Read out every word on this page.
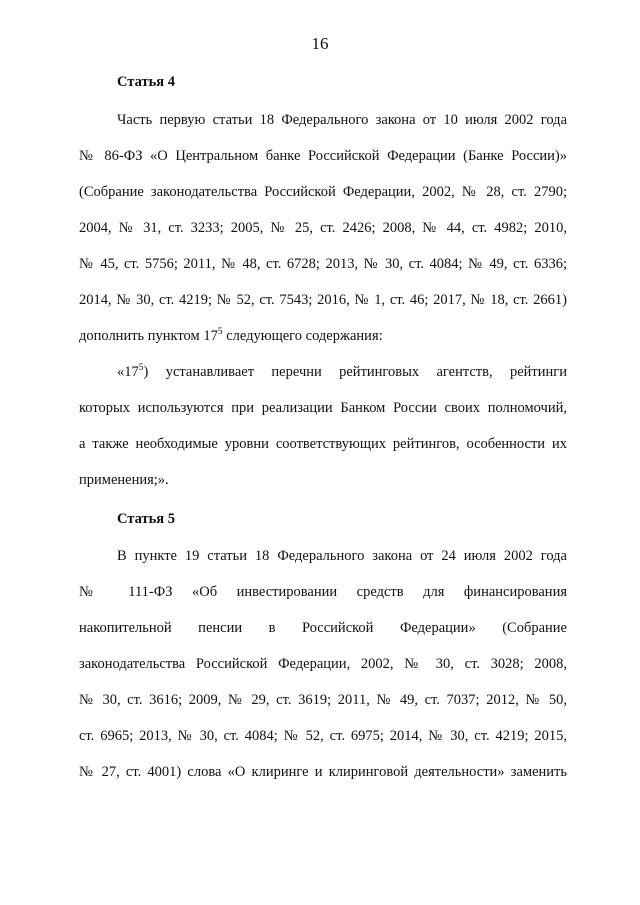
16
Статья 4
Часть первую статьи 18 Федерального закона от 10 июля 2002 года
№ 86-ФЗ «О Центральном банке Российской Федерации (Банке России)»
(Собрание законодательства Российской Федерации, 2002, № 28, ст. 2790;
2004, № 31, ст. 3233; 2005, № 25, ст. 2426; 2008, № 44, ст. 4982; 2010,
№ 45, ст. 5756; 2011, № 48, ст. 6728; 2013, № 30, ст. 4084; № 49, ст. 6336;
2014, № 30, ст. 4219; № 52, ст. 7543; 2016, № 1, ст. 46; 2017, № 18, ст. 2661)
дополнить пунктом $17^5$ следующего содержания:
«$17^5$) устанавливает перечни рейтинговых агентств, рейтинги
которых используются при реализации Банком России своих полномочий,
а также необходимые уровни соответствующих рейтингов, особенности их
применения;».
Статья 5
В пункте 19 статьи 18 Федерального закона от 24 июля 2002 года
№ 111-ФЗ «Об инвестировании средств для финансирования
накопительной пенсии в Российской Федерации» (Собрание
законодательства Российской Федерации, 2002, № 30, ст. 3028; 2008,
№ 30, ст. 3616; 2009, № 29, ст. 3619; 2011, № 49, ст. 7037; 2012, № 50,
ст. 6965; 2013, № 30, ст. 4084; № 52, ст. 6975; 2014, № 30, ст. 4219; 2015,
№ 27, ст. 4001) слова «О клиринге и клиринговой деятельности» заменить
